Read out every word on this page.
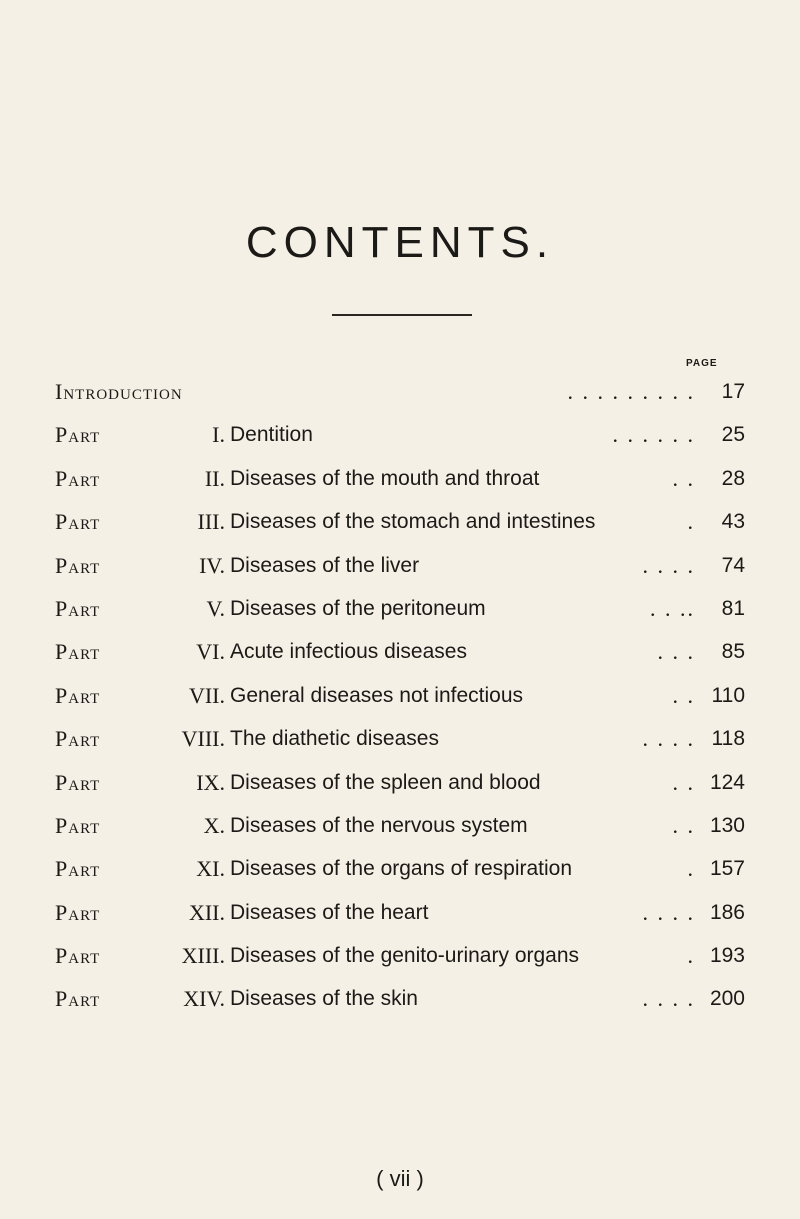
CONTENTS.
PAGE
Introduction	. . . . . . . . .	17
Part	I. Dentition	. . . . . .	25
Part	II. Diseases of the mouth and throat	. .	28
Part	III. Diseases of the stomach and intestines	.	43
Part	IV. Diseases of the liver	. . . .	74
Part	V. Diseases of the peritoneum	. . ..	81
Part	VI. Acute infectious diseases	. . .	85
Part	VII. General diseases not infectious	. . 110
Part	VIII. The diathetic diseases	. . . . 118
Part	IX. Diseases of the spleen and blood	. . 124
Part	X. Diseases of the nervous system	. . 130
Part	XI. Diseases of the organs of respiration	. 157
Part	XII. Diseases of the heart	. . . . 186
Part	XIII. Diseases of the genito-urinary organs	. 193
Part	XIV. Diseases of the skin	. . . . 200
( vii )
